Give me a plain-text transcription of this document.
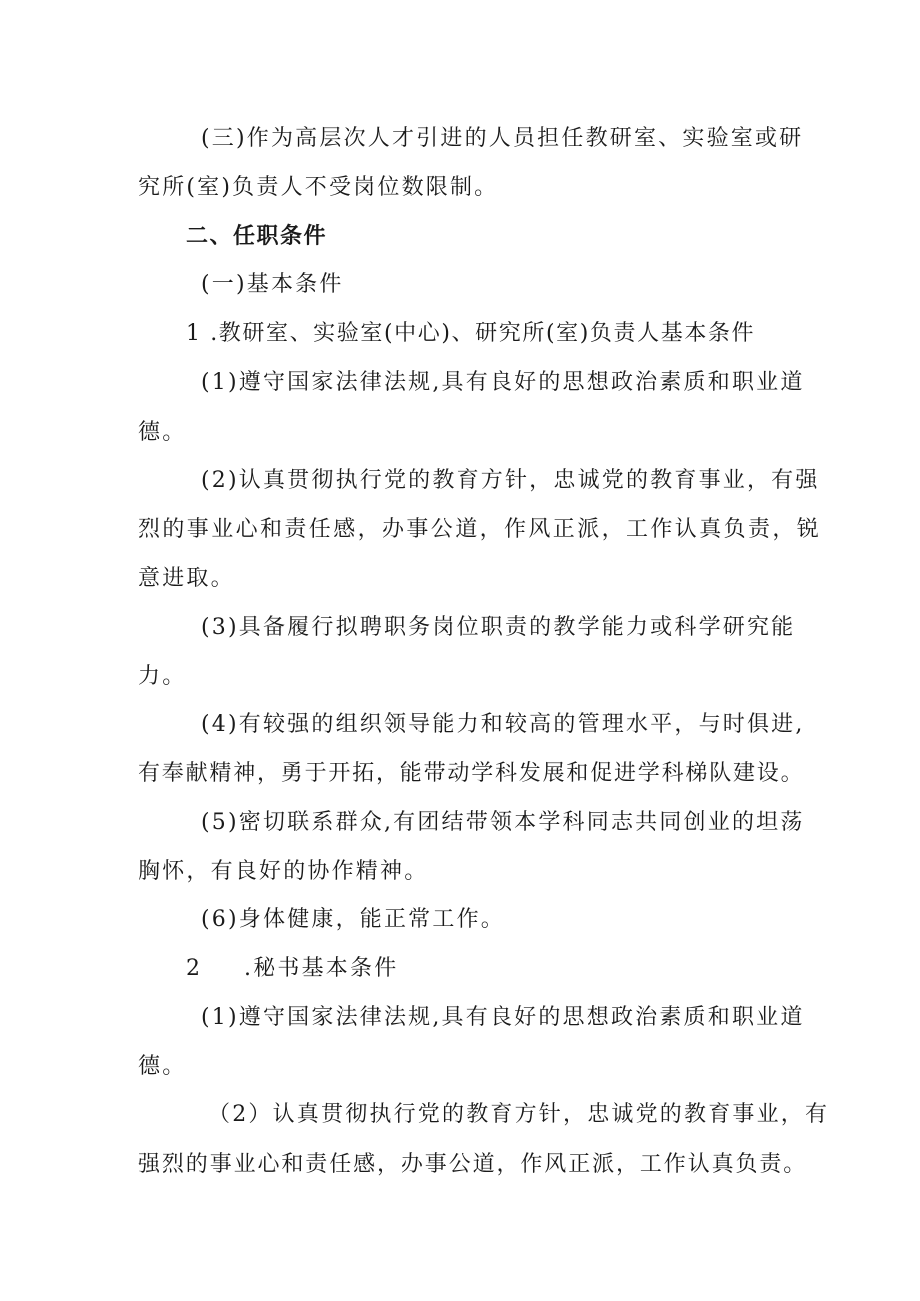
(三)作为高层次人才引进的人员担任教研室、实验室或研
究所(室)负责人不受岗位数限制。
二、任职条件
(一)基本条件
1 .教研室、实验室(中心)、研究所(室)负责人基本条件
(1)遵守国家法律法规,具有良好的思想政治素质和职业道
德。
(2)认真贯彻执行党的教育方针，忠诚党的教育事业，有强
烈的事业心和责任感，办事公道，作风正派，工作认真负责，锐
意进取。
(3)具备履行拟聘职务岗位职责的教学能力或科学研究能
力。
(4)有较强的组织领导能力和较高的管理水平，与时俱进,
有奉献精神，勇于开拓，能带动学科发展和促进学科梯队建设。
(5)密切联系群众,有团结带领本学科同志共同创业的坦荡
胸怀，有良好的协作精神。
(6)身体健康，能正常工作。
2 .秘书基本条件
(1)遵守国家法律法规,具有良好的思想政治素质和职业道
德。
（2）认真贯彻执行党的教育方针，忠诚党的教育事业，有
强烈的事业心和责任感，办事公道，作风正派，工作认真负责。
